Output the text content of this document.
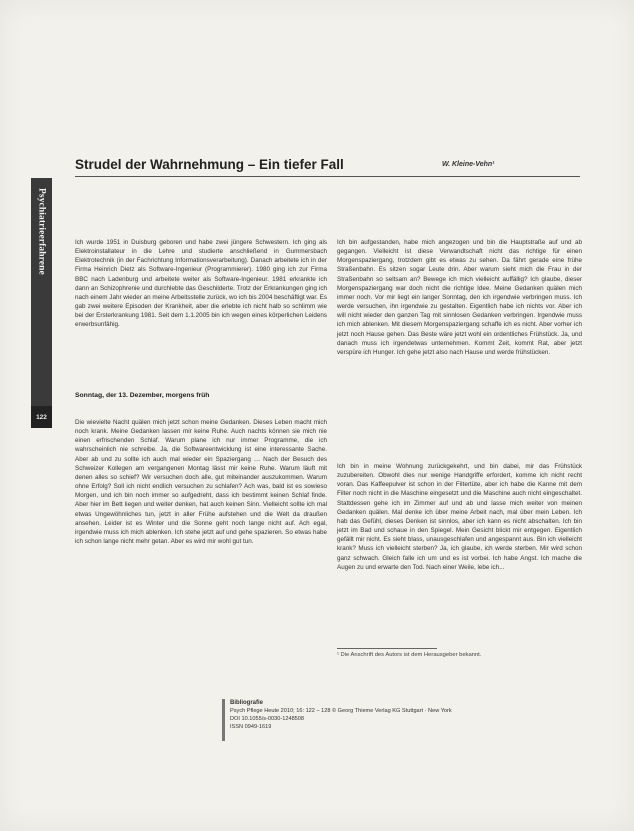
Strudel der Wahrnehmung – Ein tiefer Fall	W. Kleine-Vehn¹
Psychiatrieerfahrene
122

Ich wurde 1951 in Duisburg geboren und habe zwei jüngere Schwestern. Ich ging als Elektroinstallateur in die Lehre und studierte anschließend in Gummersbach Elektrotechnik (in der Fachrichtung Informationsverarbeitung). Danach arbeitete ich in der Firma Heinrich Dietz als Software-Ingenieur (Programmierer). 1980 ging ich zur Firma BBC nach Ladenburg und arbeitete weiter als Software-Ingenieur. 1981 erkrankte ich dann an Schizophrenie und durchlebte das Geschilderte. Trotz der Erkrankungen ging ich nach einem Jahr wieder an meine Arbeitsstelle zurück, wo ich bis 2004 beschäftigt war. Es gab zwei weitere Episoden der Krankheit, aber die erlebte ich nicht halb so schlimm wie bei der Ersterkrankung 1981. Seit dem 1.1.2005 bin ich wegen eines körperlichen Leidens erwerbsunfähig.

Sonntag, der 13. Dezember, morgens früh

Die wievielte Nacht quälen mich jetzt schon meine Gedanken. Dieses Leben macht mich noch krank. Meine Gedanken lassen mir keine Ruhe. Auch nachts können sie mich nie einen erfrischenden Schlaf. Warum plane ich nur immer Programme, die ich wahrscheinlich nie schreibe. Ja, die Softwareentwicklung ist eine interessante Sache. Aber ab und zu sollte ich auch mal wieder ein Spaziergang … Nach der Besuch des Schweizer Kollegen am vergangenen Montag lässt mir keine Ruhe. Warum läuft mit denen alles so schief? Wir versuchen doch alle, gut miteinander auszukommen. Warum ohne Erfolg? Soll ich nicht endlich versuchen zu schlafen? Ach was, bald ist es sowieso Morgen, und ich bin noch immer so aufgedreht, dass ich bestimmt keinen Schlaf finde. Aber hier im Bett liegen und weiter denken, hat auch keinen Sinn. Vielleicht sollte ich mal etwas Ungewöhnliches tun, jetzt in aller Frühe aufstehen und die Welt da draußen ansehen. Leider ist es Winter und die Sonne geht noch lange nicht auf. Ach egal, irgendwie muss ich mich ablenken. Ich stehe jetzt auf und gehe spazieren. So etwas habe ich schon lange nicht mehr getan. Aber es wird mir wohl gut tun.

Ich bin aufgestanden, habe mich angezogen und bin die Hauptstraße auf und ab gegangen. Vielleicht ist diese Verwandtschaft nicht das richtige für einen Morgenspaziergang, trotzdem gibt es etwas zu sehen. Da fährt gerade eine frühe Straßenbahn. Es sitzen sogar Leute drin. Aber warum sieht mich die Frau in der Straßenbahn so seltsam an? Bewege ich mich vielleicht auffällig? Ich glaube, dieser Morgenspaziergang war doch nicht die richtige Idee. Meine Gedanken quälen mich immer noch. Vor mir liegt ein langer Sonntag, den ich irgendwie verbringen muss. Ich werde versuchen, ihn irgendwie zu gestalten. Eigentlich habe ich nichts vor. Aber ich will nicht wieder den ganzen Tag mit sinnlosen Gedanken verbringen. Irgendwie muss ich mich ablenken. Mit diesem Morgenspaziergang schaffe ich es nicht. Aber vorher ich jetzt noch Hause gehen. Das Beste wäre jetzt wohl ein ordentliches Frühstück. Ja, und danach muss ich irgendetwas unternehmen. Kommt Zeit, kommt Rat, aber jetzt verspüre ich Hunger. Ich gehe jetzt also nach Hause und werde frühstücken.

Ich bin in meine Wohnung zurückgekehrt, und bin dabei, mir das Frühstück zuzubereiten. Obwohl dies nur wenige Handgriffe erfordert, komme ich nicht recht voran. Das Kaffeepulver ist schon in der Filtertüte, aber ich habe die Kanne mit dem Filter noch nicht in die Maschine eingesetzt und die Maschine auch nicht eingeschaltet. Stattdessen gehe ich im Zimmer auf und ab und lasse mich weiter von meinen Gedanken quälen. Mal denke ich über meine Arbeit nach, mal über mein Leben. Ich hab das Gefühl, dieses Denken ist sinnlos, aber ich kann es nicht abschalten. Ich bin jetzt im Bad und schaue in den Spiegel. Mein Gesicht blickt mir entgegen. Eigentlich gefällt mir nicht. Es sieht blass, unausgeschlafen und angespannt aus. Bin ich vielleicht krank? Muss ich vielleicht sterben? Ja, ich glaube, ich werde sterben. Mir wird schon ganz schwach. Gleich falle ich um und es ist vorbei. Ich habe Angst. Ich mache die Augen zu und erwarte den Tod. Nach einer Weile, lebe ich...

¹ Die Anschrift des Autors ist dem Herausgeber bekannt.
Bibliografie
Psych Pflege Heute 2010; 16: 122 – 128 © Georg Thieme Verlag KG Stuttgart · New York
DOI 10.1055/s-0030-1248508
ISSN 0949-1619
